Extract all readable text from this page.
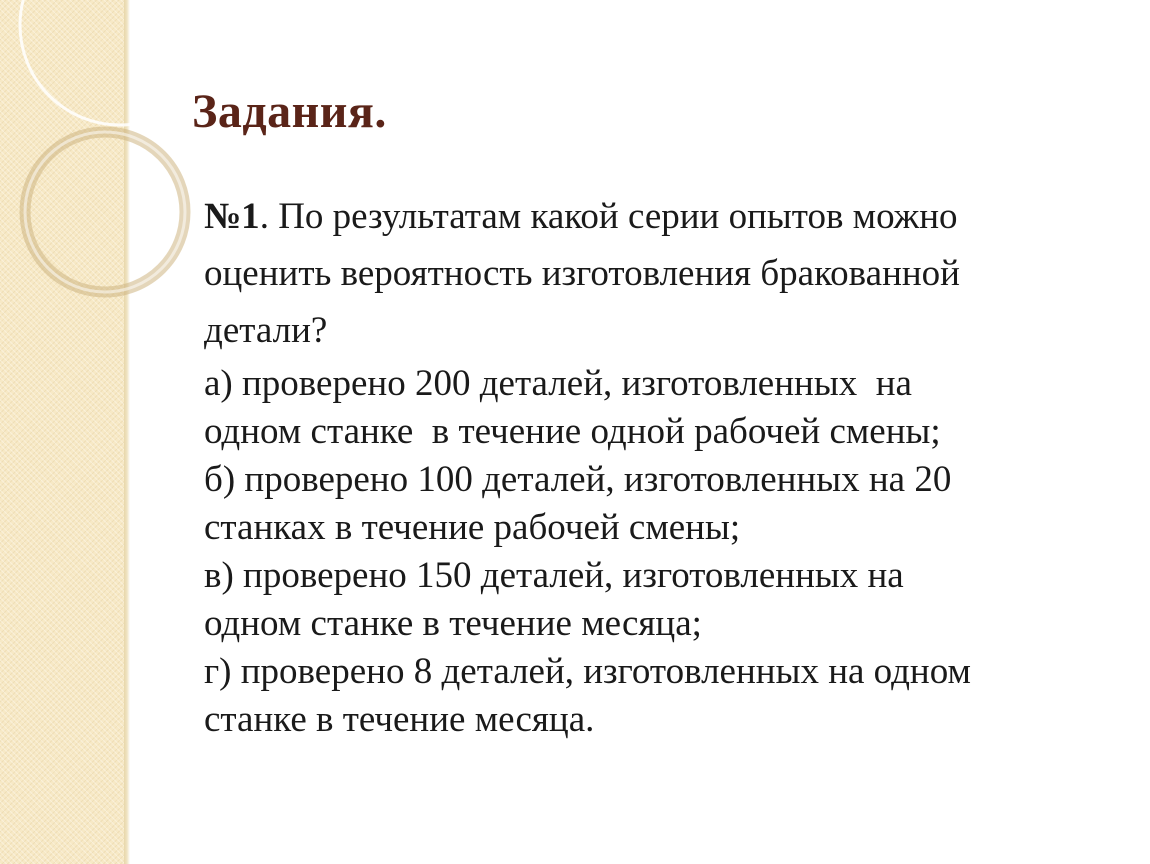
Задания.
№1. По результатам какой серии опытов можно
оценить вероятность изготовления бракованной
детали?
а) проверено 200 деталей, изготовленных  на
одном станке  в течение одной рабочей смены;
б) проверено 100 деталей, изготовленных на 20
станках в течение рабочей смены;
в) проверено 150 деталей, изготовленных на
одном станке в течение месяца;
г) проверено 8 деталей, изготовленных на одном
станке в течение месяца.
